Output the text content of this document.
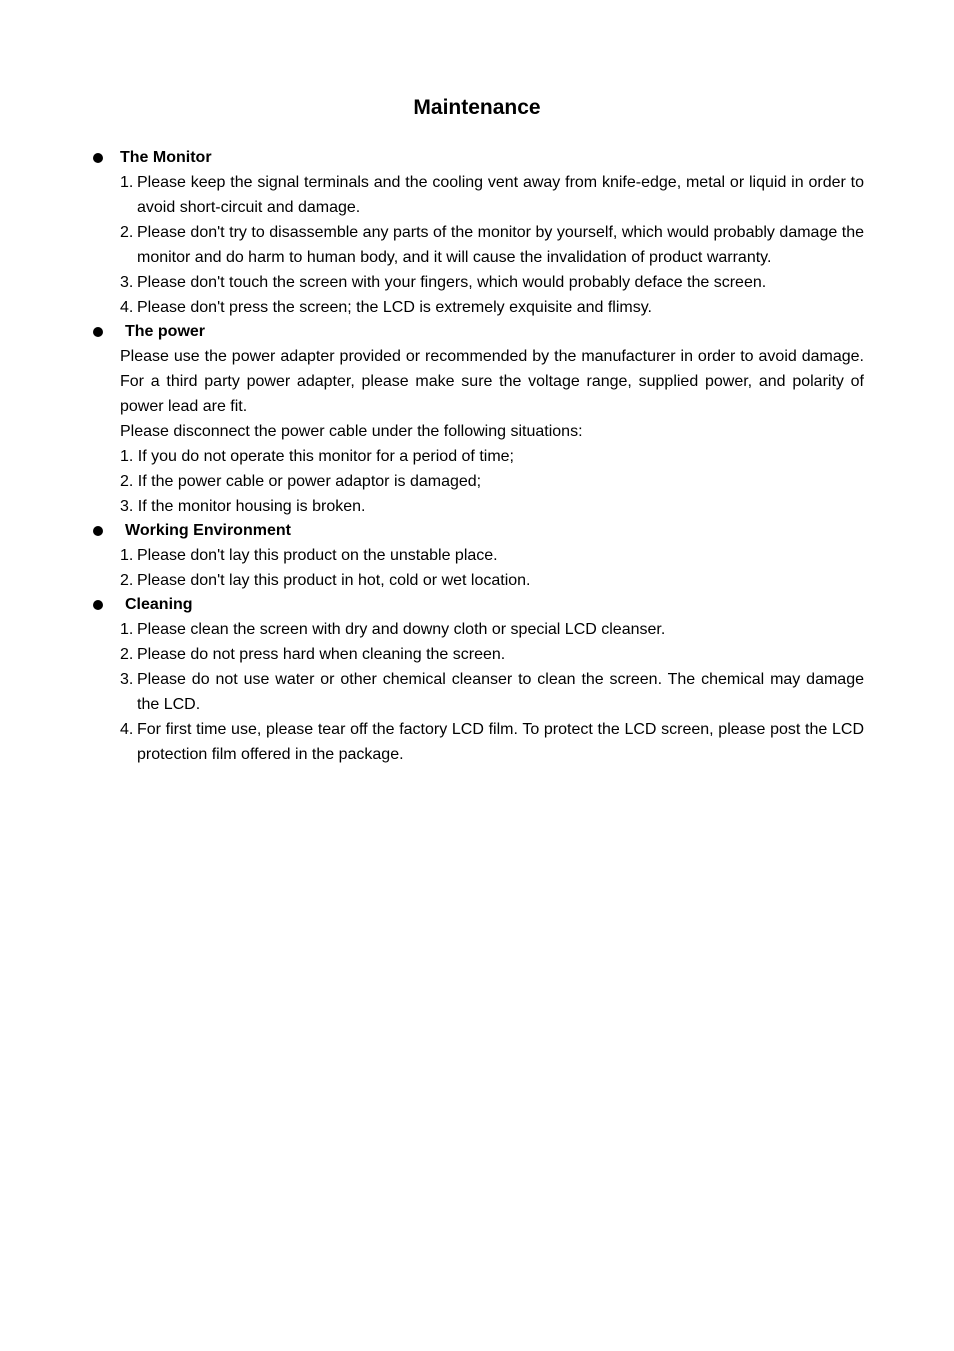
Maintenance
The Monitor
1. Please keep the signal terminals and the cooling vent away from knife-edge, metal or liquid in order to avoid short-circuit and damage.
2. Please don't try to disassemble any parts of the monitor by yourself, which would probably damage the monitor and do harm to human body, and it will cause the invalidation of product warranty.
3. Please don't touch the screen with your fingers, which would probably deface the screen.
4. Please don't press the screen; the LCD is extremely exquisite and flimsy.
The power
Please use the power adapter provided or recommended by the manufacturer in order to avoid damage. For a third party power adapter, please make sure the voltage range, supplied power, and polarity of power lead are fit.
Please disconnect the power cable under the following situations:
1. If you do not operate this monitor for a period of time;
2. If the power cable or power adaptor is damaged;
3. If the monitor housing is broken.
Working Environment
1. Please don't lay this product on the unstable place.
2. Please don't lay this product in hot, cold or wet location.
Cleaning
1. Please clean the screen with dry and downy cloth or special LCD cleanser.
2. Please do not press hard when cleaning the screen.
3. Please do not use water or other chemical cleanser to clean the screen. The chemical may damage the LCD.
4. For first time use, please tear off the factory LCD film. To protect the LCD screen, please post the LCD protection film offered in the package.
